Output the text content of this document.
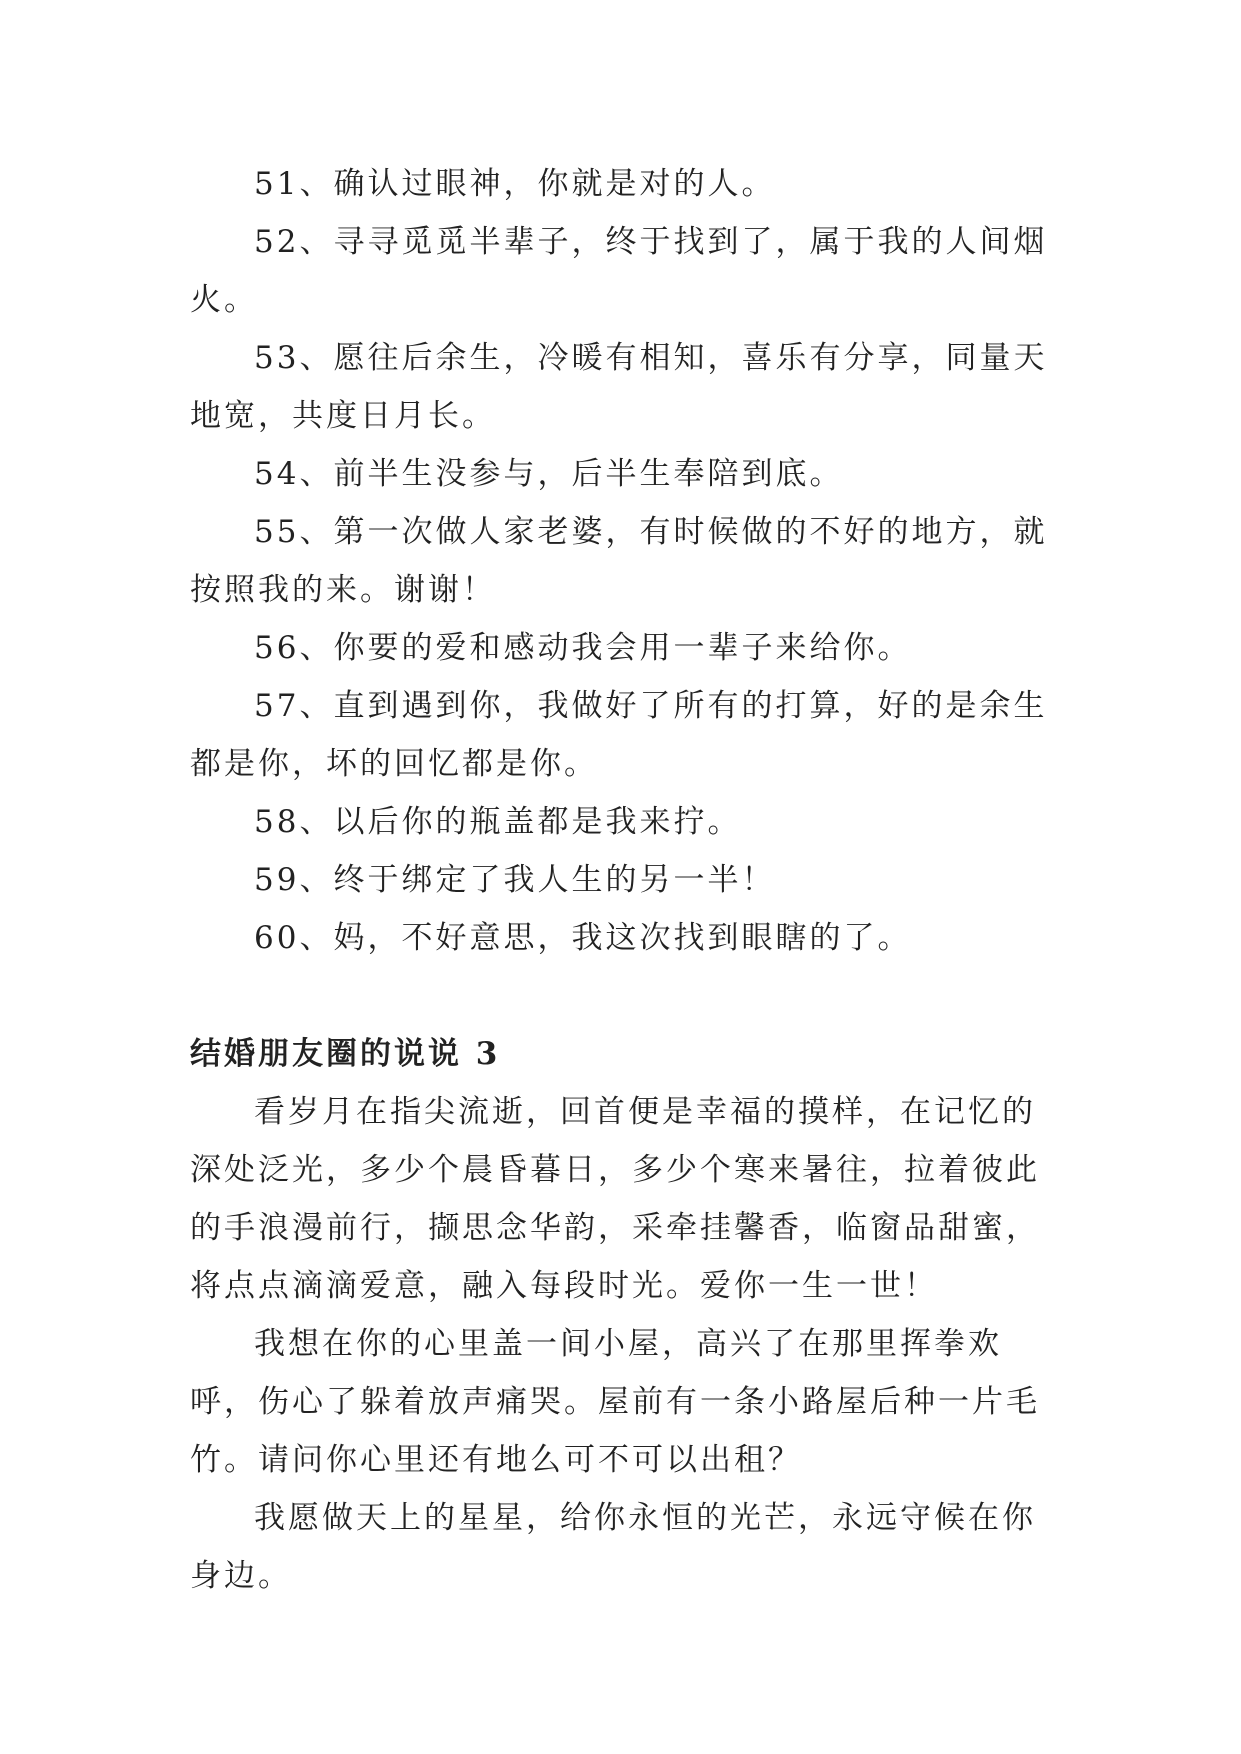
51、确认过眼神，你就是对的人。

52、寻寻觅觅半辈子，终于找到了，属于我的人间烟火。

53、愿往后余生，冷暖有相知，喜乐有分享，同量天地宽，共度日月长。

54、前半生没参与，后半生奉陪到底。

55、第一次做人家老婆，有时候做的不好的地方，就按照我的来。谢谢！

56、你要的爱和感动我会用一辈子来给你。

57、直到遇到你，我做好了所有的打算，好的是余生都是你，坏的回忆都是你。

58、以后你的瓶盖都是我来拧。

59、终于绑定了我人生的另一半！

60、妈，不好意思，我这次找到眼瞎的了。

结婚朋友圈的说说 3

看岁月在指尖流逝，回首便是幸福的摸样，在记忆的深处泛光，多少个晨昏暮日，多少个寒来暑往，拉着彼此的手浪漫前行，撷思念华韵，采牵挂馨香，临窗品甜蜜，将点点滴滴爱意，融入每段时光。爱你一生一世！

我想在你的心里盖一间小屋，高兴了在那里挥拳欢呼，伤心了躲着放声痛哭。屋前有一条小路屋后种一片毛竹。请问你心里还有地么可不可以出租？

我愿做天上的星星，给你永恒的光芒，永远守候在你身边。
